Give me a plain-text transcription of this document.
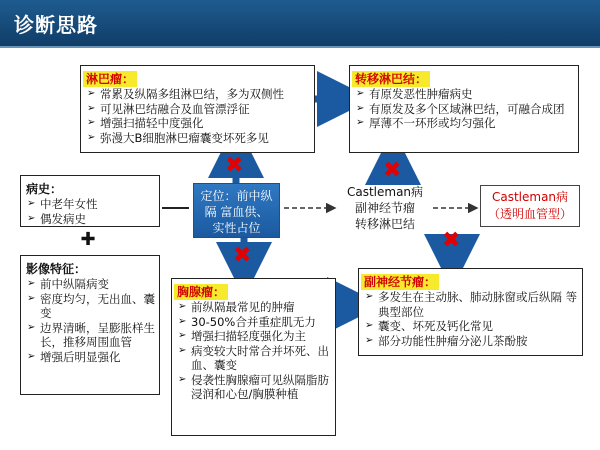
诊断思路
淋巴瘤：
➢ 常累及纵隔多组淋巴结，多为双侧性
➢ 可见淋巴结融合及血管漂浮征
➢ 增强扫描轻中度强化
➢ 弥漫大B细胞淋巴瘤囊变坏死多见
转移淋巴结：
➢ 有原发恶性肿瘤病史
➢ 有原发及多个区域淋巴结，可融合成团
➢ 厚薄不一环形或均匀强化
病史：
➢ 中老年女性
➢ 偶发病史
✚
影像特征：
➢ 前中纵隔病变
➢ 密度均匀，无出血、囊变
➢ 边界清晰，呈膨胀样生长，推移周围血管
➢ 增强后明显强化
定位：前中纵
隔 富血供、
实性占位
Castleman病
副神经节瘤
转移淋巴结
Castleman病
（透明血管型）
胸腺瘤：
➢ 前纵隔最常见的肿瘤
➢ 30-50%合并重症肌无力
➢ 增强扫描轻度强化为主
➢ 病变较大时常合并坏死、出血、囊变
➢ 侵袭性胸腺瘤可见纵隔脂肪浸润和心包/胸膜种植
副神经节瘤：
➢ 多发生在主动脉、肺动脉窗或后纵隔 等典型部位
➢ 囊变、坏死及钙化常见
➢ 部分功能性肿瘤分泌儿茶酚胺
✖
✖
✖
✖
